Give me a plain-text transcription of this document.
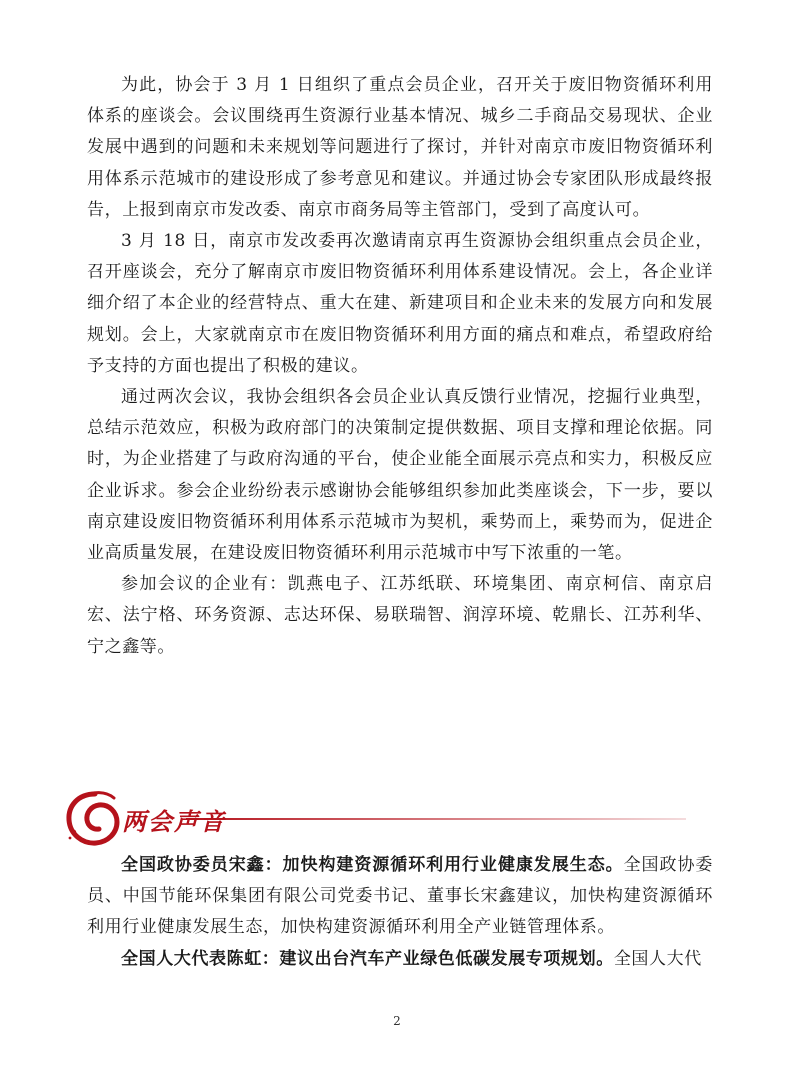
为此，协会于 3 月 1 日组织了重点会员企业，召开关于废旧物资循环利用体系的座谈会。会议围绕再生资源行业基本情况、城乡二手商品交易现状、企业发展中遇到的问题和未来规划等问题进行了探讨，并针对南京市废旧物资循环利用体系示范城市的建设形成了参考意见和建议。并通过协会专家团队形成最终报告，上报到南京市发改委、南京市商务局等主管部门，受到了高度认可。

3 月 18 日，南京市发改委再次邀请南京再生资源协会组织重点会员企业，召开座谈会，充分了解南京市废旧物资循环利用体系建设情况。会上，各企业详细介绍了本企业的经营特点、重大在建、新建项目和企业未来的发展方向和发展规划。会上，大家就南京市在废旧物资循环利用方面的痛点和难点，希望政府给予支持的方面也提出了积极的建议。

通过两次会议，我协会组织各会员企业认真反馈行业情况，挖掘行业典型，总结示范效应，积极为政府部门的决策制定提供数据、项目支撑和理论依据。同时，为企业搭建了与政府沟通的平台，使企业能全面展示亮点和实力，积极反应企业诉求。参会企业纷纷表示感谢协会能够组织参加此类座谈会，下一步，要以南京建设废旧物资循环利用体系示范城市为契机，乘势而上，乘势而为，促进企业高质量发展，在建设废旧物资循环利用示范城市中写下浓重的一笔。

参加会议的企业有：凯燕电子、江苏纸联、环境集团、南京柯信、南京启宏、法宁格、环务资源、志达环保、易联瑞智、润淳环境、乾鼎长、江苏利华、宁之鑫等。

两会声音

全国政协委员宋鑫：加快构建资源循环利用行业健康发展生态。全国政协委员、中国节能环保集团有限公司党委书记、董事长宋鑫建议，加快构建资源循环利用行业健康发展生态，加快构建资源循环利用全产业链管理体系。

全国人大代表陈虹：建议出台汽车产业绿色低碳发展专项规划。全国人大代

2
